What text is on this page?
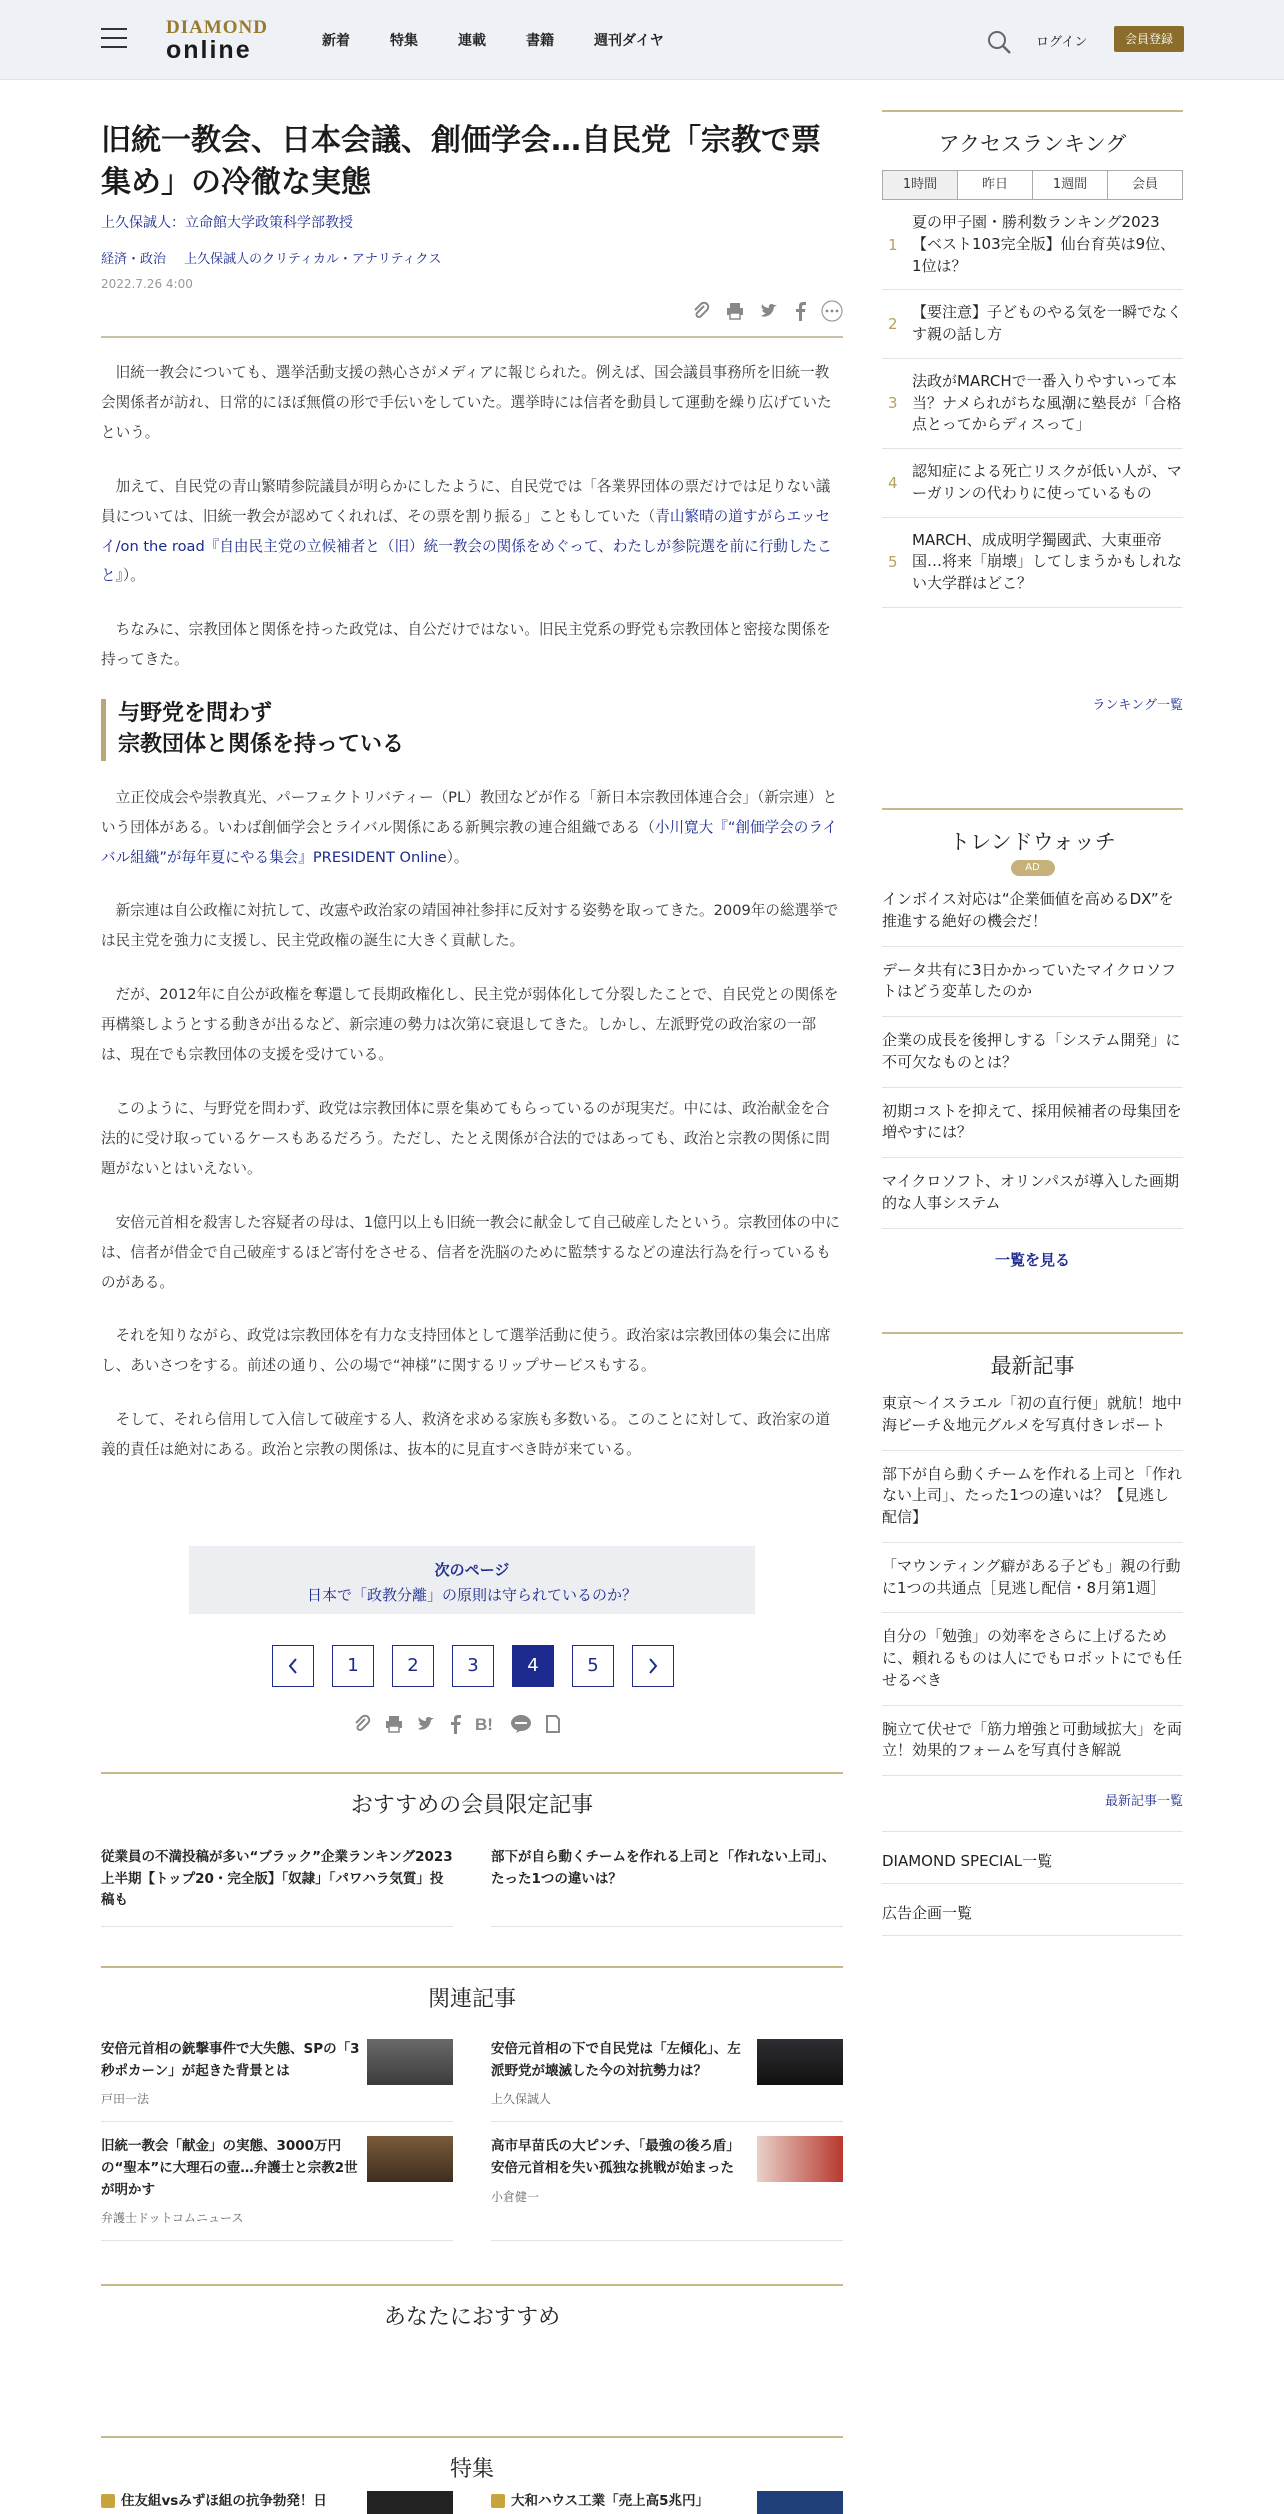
DIAMOND
online	新着	特集	連載	書籍	週刊ダイヤ	ログイン	会員登録
旧統一教会、日本会議、創価学会…自民党「宗教で票集め」の冷徹な実態
上久保誠人：立命館大学政策科学部教授
経済・政治 上久保誠人のクリティカル・アナリティクス
2022.7.26 4:00

旧統一教会についても、選挙活動支援の熱心さがメディアに報じられた。例えば、国会議員事務所を旧統一教会関係者が訪れ、日常的にほぼ無償の形で手伝いをしていた。選挙時には信者を動員して運動を繰り広げていたという。

加えて、自民党の青山繁晴参院議員が明らかにしたように、自民党では「各業界団体の票だけでは足りない議員については、旧統一教会が認めてくれれば、その票を割り振る」こともしていた（青山繁晴の道すがらエッセイ/on the road『自由民主党の立候補者と（旧）統一教会の関係をめぐって、わたしが参院選を前に行動したこと』）。

ちなみに、宗教団体と関係を持った政党は、自公だけではない。旧民主党系の野党も宗教団体と密接な関係を持ってきた。

与野党を問わず
宗教団体と関係を持っている

立正佼成会や崇教真光、パーフェクトリバティー（PL）教団などが作る「新日本宗教団体連合会」（新宗連）という団体がある。いわば創価学会とライバル関係にある新興宗教の連合組織である（小川寛大『“創価学会のライバル組織”が毎年夏にやる集会』PRESIDENT Online）。

新宗連は自公政権に対抗して、改憲や政治家の靖国神社参拝に反対する姿勢を取ってきた。2009年の総選挙では民主党を強力に支援し、民主党政権の誕生に大きく貢献した。

だが、2012年に自公が政権を奪還して長期政権化し、民主党が弱体化して分裂したことで、自民党との関係を再構築しようとする動きが出るなど、新宗連の勢力は次第に衰退してきた。しかし、左派野党の政治家の一部は、現在でも宗教団体の支援を受けている。

このように、与野党を問わず、政党は宗教団体に票を集めてもらっているのが現実だ。中には、政治献金を合法的に受け取っているケースもあるだろう。ただし、たとえ関係が合法的ではあっても、政治と宗教の関係に問題がないとはいえない。

安倍元首相を殺害した容疑者の母は、1億円以上も旧統一教会に献金して自己破産したという。宗教団体の中には、信者が借金で自己破産するほど寄付をさせる、信者を洗脳のために監禁するなどの違法行為を行っているものがある。

それを知りながら、政党は宗教団体を有力な支持団体として選挙活動に使う。政治家は宗教団体の集会に出席し、あいさつをする。前述の通り、公の場で“神様”に関するリップサービスもする。

そして、それら信用して入信して破産する人、救済を求める家族も多数いる。このことに対して、政治家の道義的責任は絶対にある。政治と宗教の関係は、抜本的に見直すべき時が来ている。

次のページ
日本で「政教分離」の原則は守られているのか？
1	2	3	4	5
B!
おすすめの会員限定記事
従業員の不満投稿が多い“ブラック”企業ランキング2023上半期【トップ20・完全版】「奴隷」「パワハラ気質」投稿も
部下が自ら動くチームを作れる上司と「作れない上司」、たった1つの違いは？
関連記事
安倍元首相の銃撃事件で大失態、SPの「3秒ポカーン」が起きた背景とは
戸田一法
安倍元首相の下で自民党は「左傾化」、左派野党が壊滅した今の対抗勢力は？
上久保誠人
旧統一教会「献金」の実態、3000万円の“聖本”に大理石の壺…弁護士と宗教2世が明かす
弁護士ドットコムニュース
高市早苗氏の大ピンチ、「最強の後ろ盾」安倍元首相を失い孤独な挑戦が始まった
小倉健一
あなたにおすすめ
特集
住友組vsみずほ組の抗争勃発！日	大和ハウス工業「売上高5兆円」
アクセスランキング
1時間	昨日	1週間	会員
1
夏の甲子園・勝利数ランキング2023【ベスト103完全版】仙台育英は9位、1位は？
2
【要注意】子どものやる気を一瞬でなくす親の話し方
3
法政がMARCHで一番入りやすいって本当？ナメられがちな風潮に塾長が「合格点とってからディスって」
4
認知症による死亡リスクが低い人が、マーガリンの代わりに使っているもの
5
MARCH、成成明学獨國武、大東亜帝国…将来「崩壊」してしまうかもしれない大学群はどこ？
ランキング一覧
トレンドウォッチ
AD
インボイス対応は“企業価値を高めるDX”を推進する絶好の機会だ！
データ共有に3日かかっていたマイクロソフトはどう変革したのか
企業の成長を後押しする「システム開発」に不可欠なものとは？
初期コストを抑えて、採用候補者の母集団を増やすには？
マイクロソフト、オリンパスが導入した画期的な人事システム
一覧を見る
最新記事
東京～イスラエル「初の直行便」就航！地中海ビーチ＆地元グルメを写真付きレポート
部下が自ら動くチームを作れる上司と「作れない上司」、たった1つの違いは？【見逃し配信】
「マウンティング癖がある子ども」親の行動に1つの共通点［見逃し配信・8月第1週］
自分の「勉強」の効率をさらに上げるために、頼れるものは人にでもロボットにでも任せるべき
腕立て伏せで「筋力増強と可動域拡大」を両立！効果的フォームを写真付き解説
最新記事一覧
DIAMOND SPECIAL一覧
広告企画一覧
